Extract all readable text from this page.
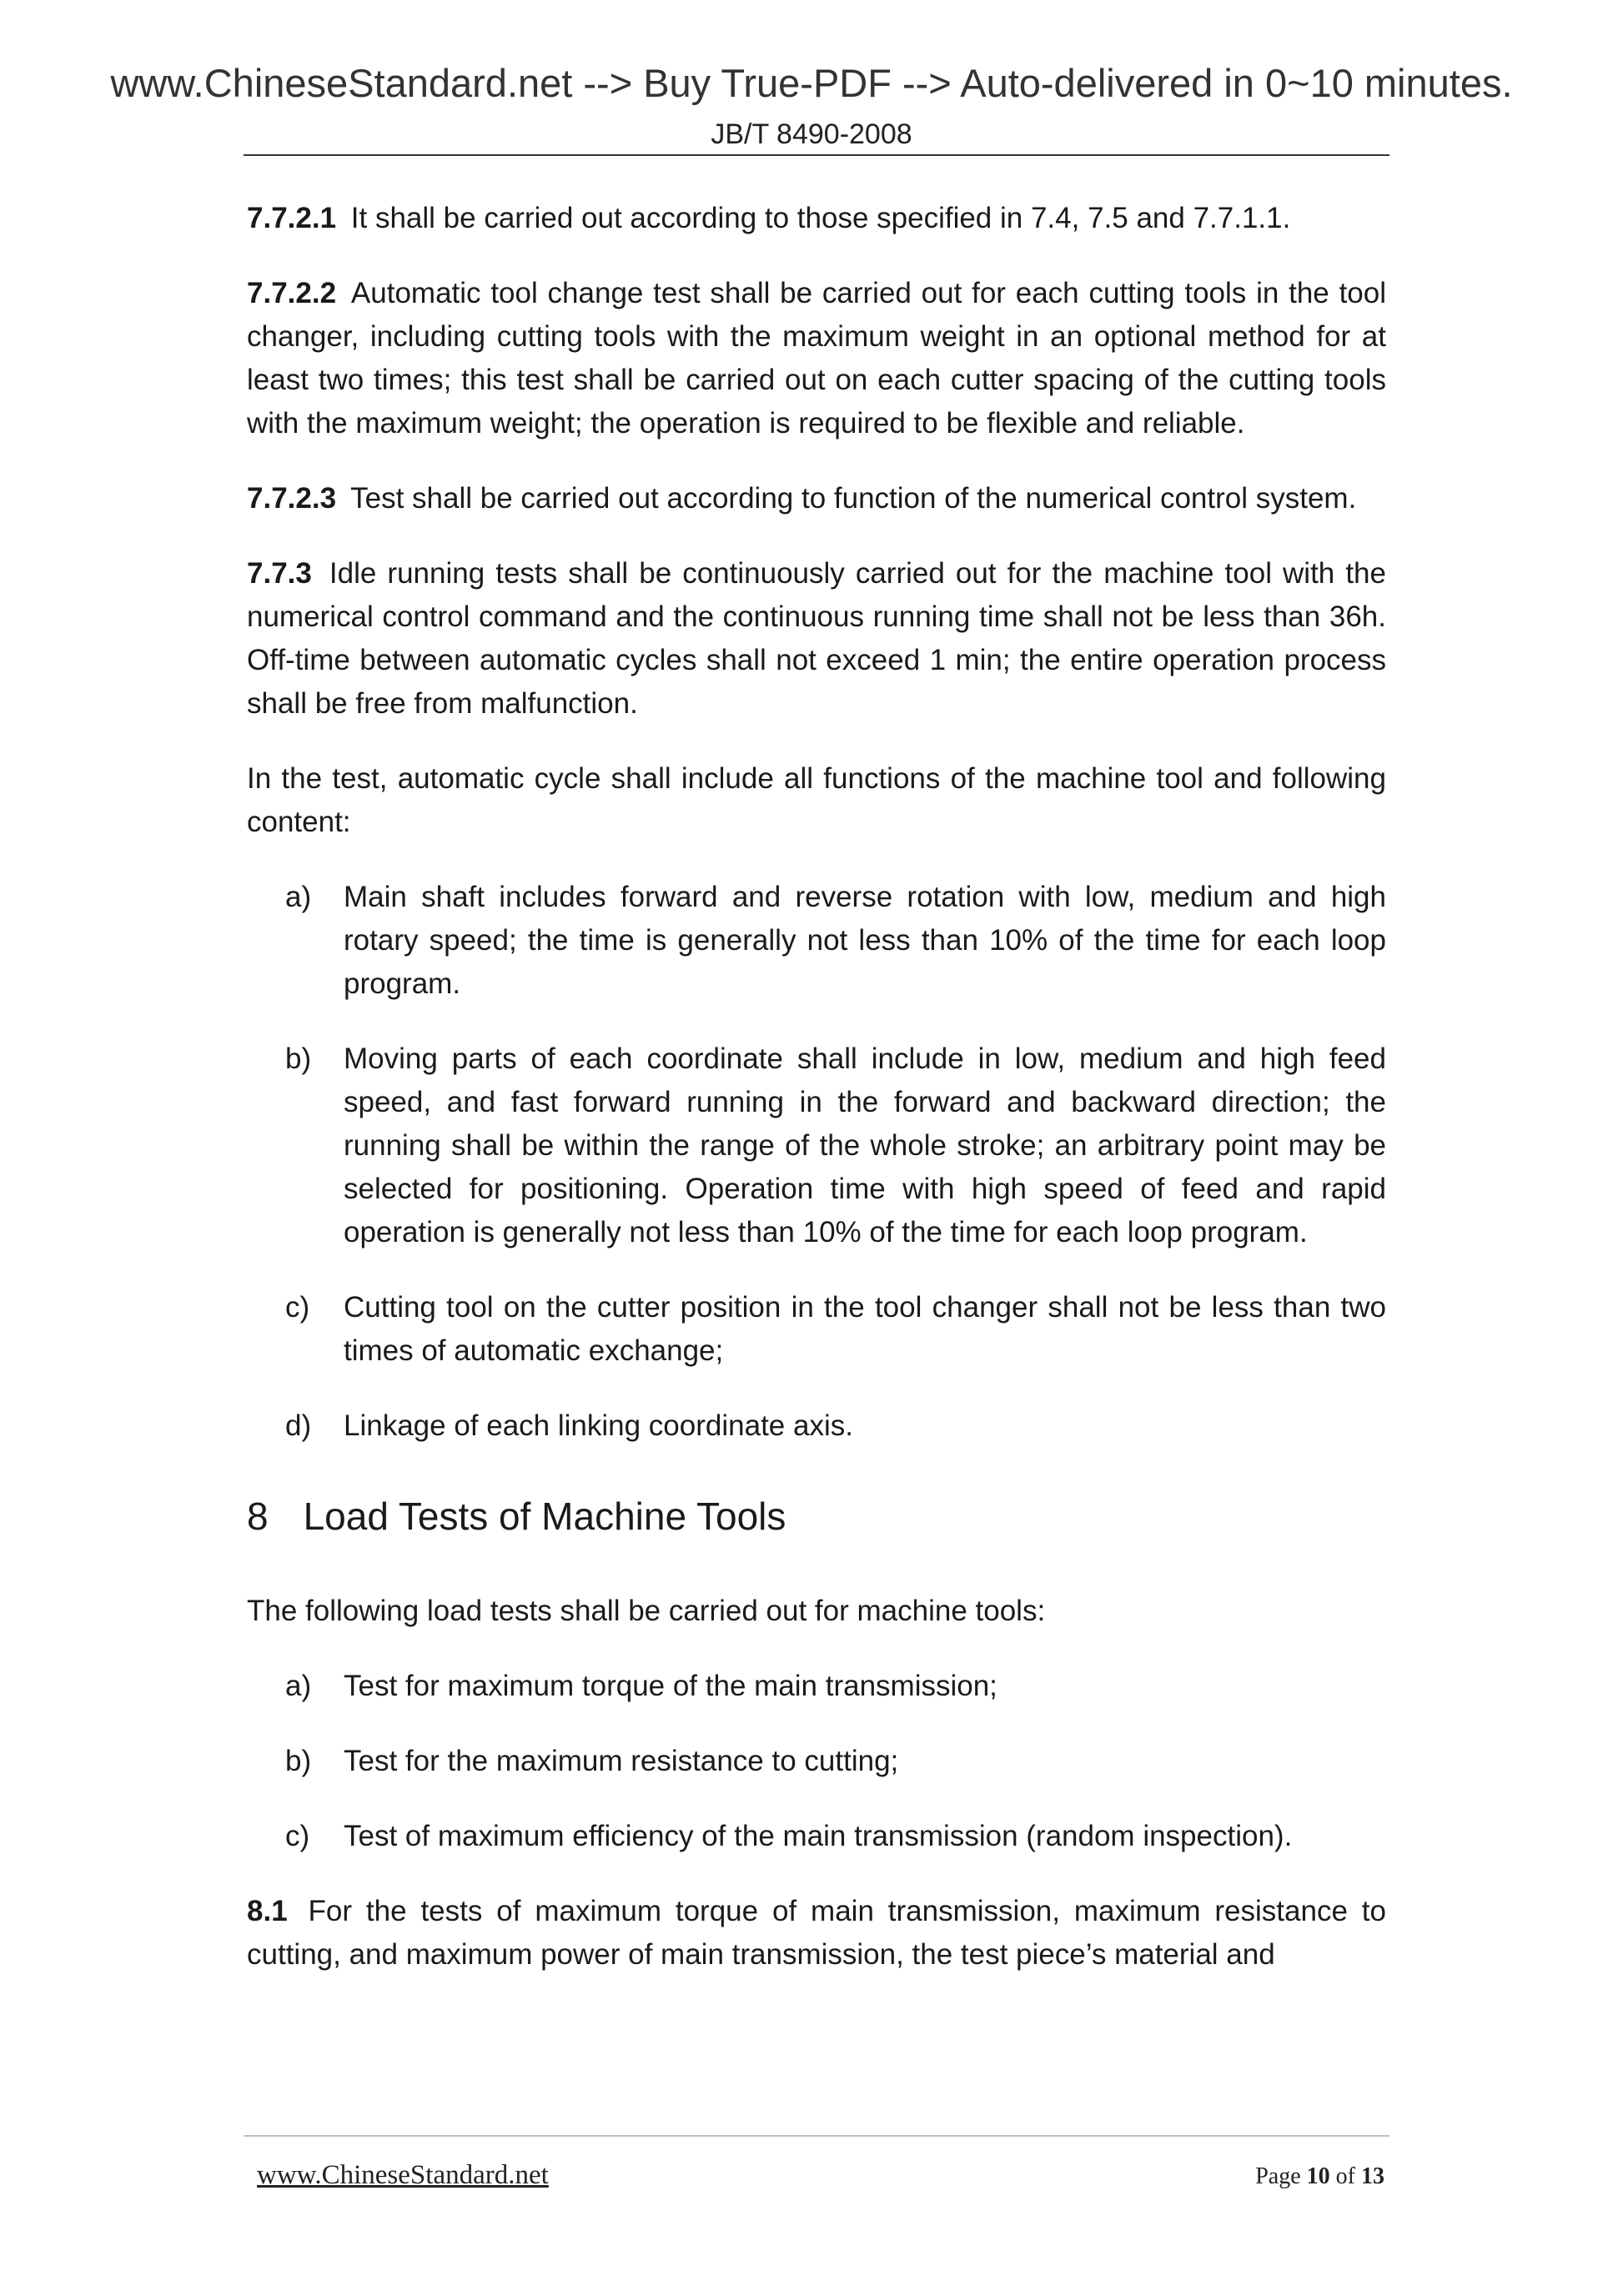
www.ChineseStandard.net --> Buy True-PDF --> Auto-delivered in 0~10 minutes.
JB/T 8490-2008

7.7.2.1 It shall be carried out according to those specified in 7.4, 7.5 and 7.7.1.1.

7.7.2.2 Automatic tool change test shall be carried out for each cutting tools in the tool changer, including cutting tools with the maximum weight in an optional method for at least two times; this test shall be carried out on each cutter spacing of the cutting tools with the maximum weight; the operation is required to be flexible and reliable.

7.7.2.3 Test shall be carried out according to function of the numerical control system.

7.7.3 Idle running tests shall be continuously carried out for the machine tool with the numerical control command and the continuous running time shall not be less than 36h. Off-time between automatic cycles shall not exceed 1 min; the entire operation process shall be free from malfunction.

In the test, automatic cycle shall include all functions of the machine tool and following content:

a) Main shaft includes forward and reverse rotation with low, medium and high rotary speed; the time is generally not less than 10% of the time for each loop program.
b) Moving parts of each coordinate shall include in low, medium and high feed speed, and fast forward running in the forward and backward direction; the running shall be within the range of the whole stroke; an arbitrary point may be selected for positioning. Operation time with high speed of feed and rapid operation is generally not less than 10% of the time for each loop program.
c) Cutting tool on the cutter position in the tool changer shall not be less than two times of automatic exchange;
d) Linkage of each linking coordinate axis.
8 Load Tests of Machine Tools

The following load tests shall be carried out for machine tools:

a) Test for maximum torque of the main transmission;
b) Test for the maximum resistance to cutting;
c) Test of maximum efficiency of the main transmission (random inspection).

8.1 For the tests of maximum torque of main transmission, maximum resistance to cutting, and maximum power of main transmission, the test piece’s material and

www.ChineseStandard.net	Page 10 of 13
